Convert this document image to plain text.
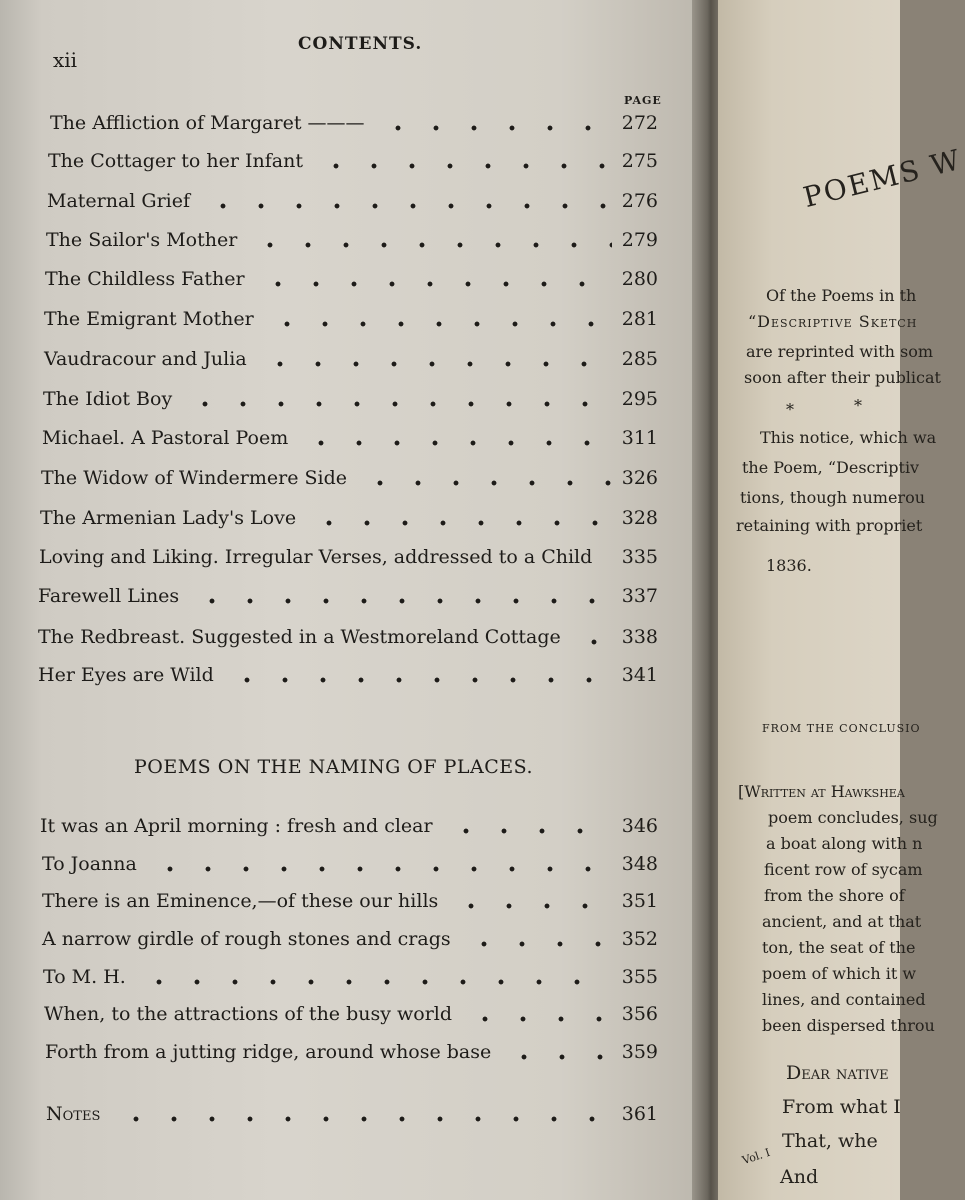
xii
CONTENTS.
PAGE
The Affliction of Margaret ———	272
The Cottager to her Infant	275
Maternal Grief	276
The Sailor's Mother	279
The Childless Father	280
The Emigrant Mother	281
Vaudracour and Julia	285
The Idiot Boy	295
Michael. A Pastoral Poem	311
The Widow of Windermere Side	326
The Armenian Lady's Love	328
Loving and Liking. Irregular Verses, addressed to a Child 335
Farewell Lines	337
The Redbreast. Suggested in a Westmoreland Cottage	338
Her Eyes are Wild	341
POEMS ON THE NAMING OF PLACES.
It was an April morning : fresh and clear	346
To Joanna	348
There is an Eminence,—of these our hills	351
A narrow girdle of rough stones and crags	352
To M. H.	355
When, to the attractions of the busy world	356
Forth from a jutting ridge, around whose base	359
Notes	361
POEMS W
Of the Poems in th
“Descriptive Sketch
are reprinted with som
soon after their publicat
*	*
This notice, which wa
the Poem, “Descriptiv
tions, though numerou
retaining with propriet
1836.
FROM THE CONCLUSIO
[Written at Hawkshea
poem concludes, sug
a boat along with n
ficent row of sycam
from the shore of
ancient, and at that
ton, the seat of the
poem of which it w
lines, and contained
been dispersed throu
Dear native
From what I
That, whe
And
Vol. I
